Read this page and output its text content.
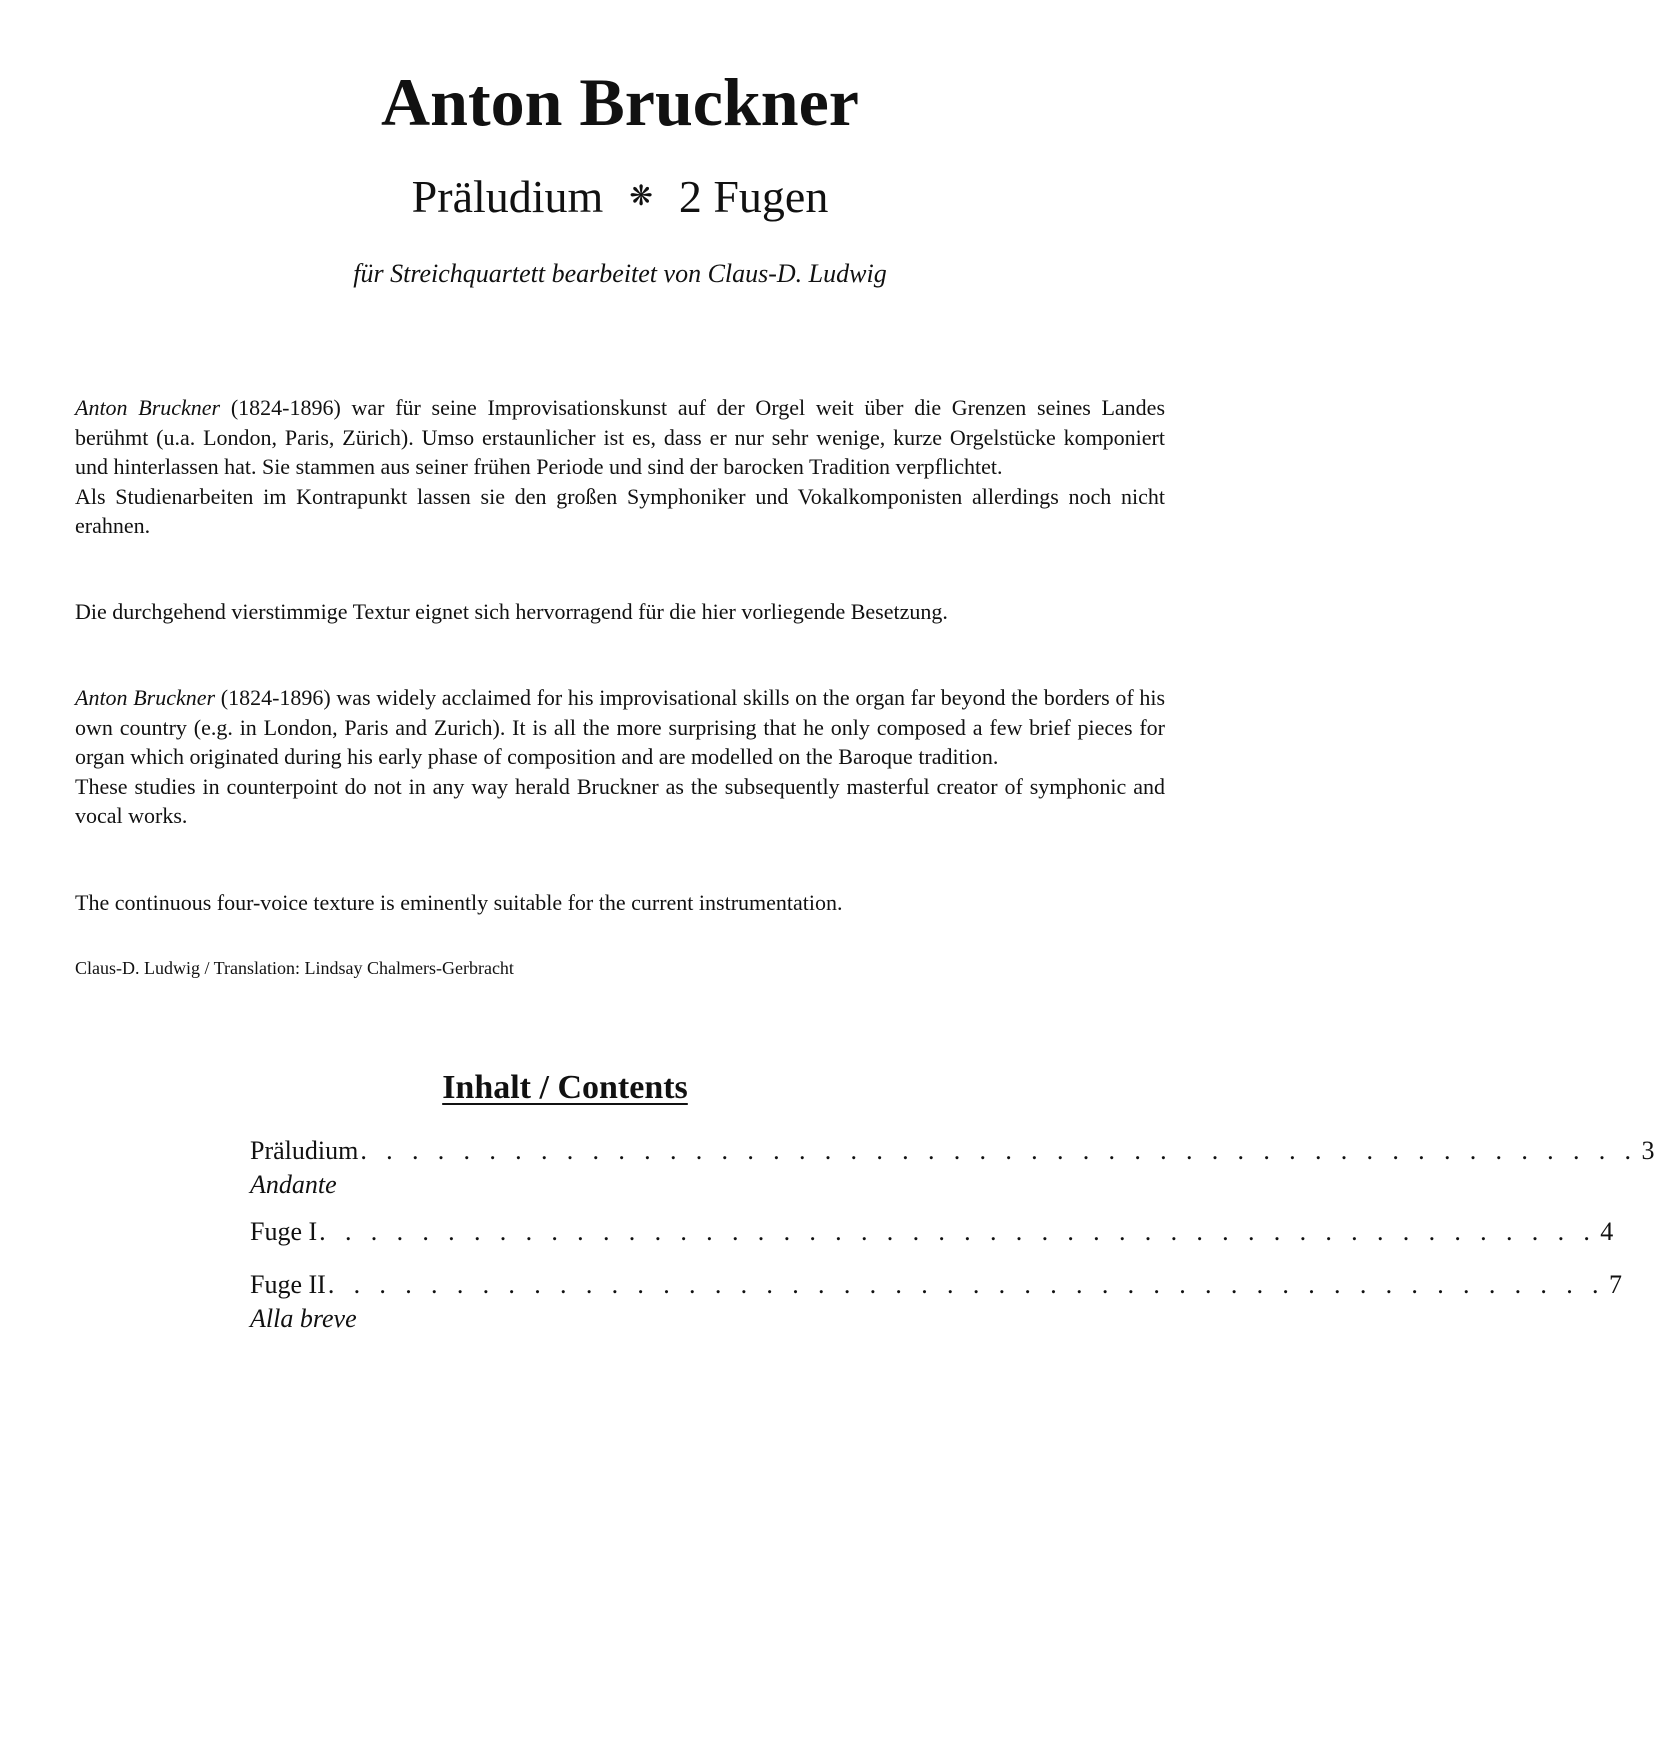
Anton Bruckner
Präludium ❋ 2 Fugen
für Streichquartett bearbeitet von Claus-D. Ludwig

Anton Bruckner (1824-1896) war für seine Improvisationskunst auf der Orgel weit über die Grenzen seines Landes berühmt (u.a. London, Paris, Zürich). Umso erstaunlicher ist es, dass er nur sehr wenige, kurze Orgelstücke komponiert und hinterlassen hat. Sie stammen aus seiner frühen Periode und sind der barocken Tradition verpflichtet.

Als Studienarbeiten im Kontrapunkt lassen sie den großen Symphoniker und Vokalkomponisten allerdings noch nicht erahnen.

Die durchgehend vierstimmige Textur eignet sich hervorragend für die hier vorliegende Besetzung.

Anton Bruckner (1824-1896) was widely acclaimed for his improvisational skills on the organ far beyond the borders of his own country (e.g. in London, Paris and Zurich). It is all the more surprising that he only composed a few brief pieces for organ which originated during his early phase of composition and are modelled on the Baroque tradition.

These studies in counterpoint do not in any way herald Bruckner as the subsequently masterful creator of symphonic and vocal works.

The continuous four-voice texture is eminently suitable for the current instrumentation.

Claus-D. Ludwig / Translation: Lindsay Chalmers-Gerbracht
Inhalt / Contents
Präludium . . . . . . . . . . . . . . . . . . . . . . . . . . . . . . . . . . . . . . . . . . . . . . . . . . 3
Andante
Fuge I . . . . . . . . . . . . . . . . . . . . . . . . . . . . . . . . . . . . . . . . . . . . . . . . . . 4
Fuge II . . . . . . . . . . . . . . . . . . . . . . . . . . . . . . . . . . . . . . . . . . . . . . . . . . 7
Alla breve
